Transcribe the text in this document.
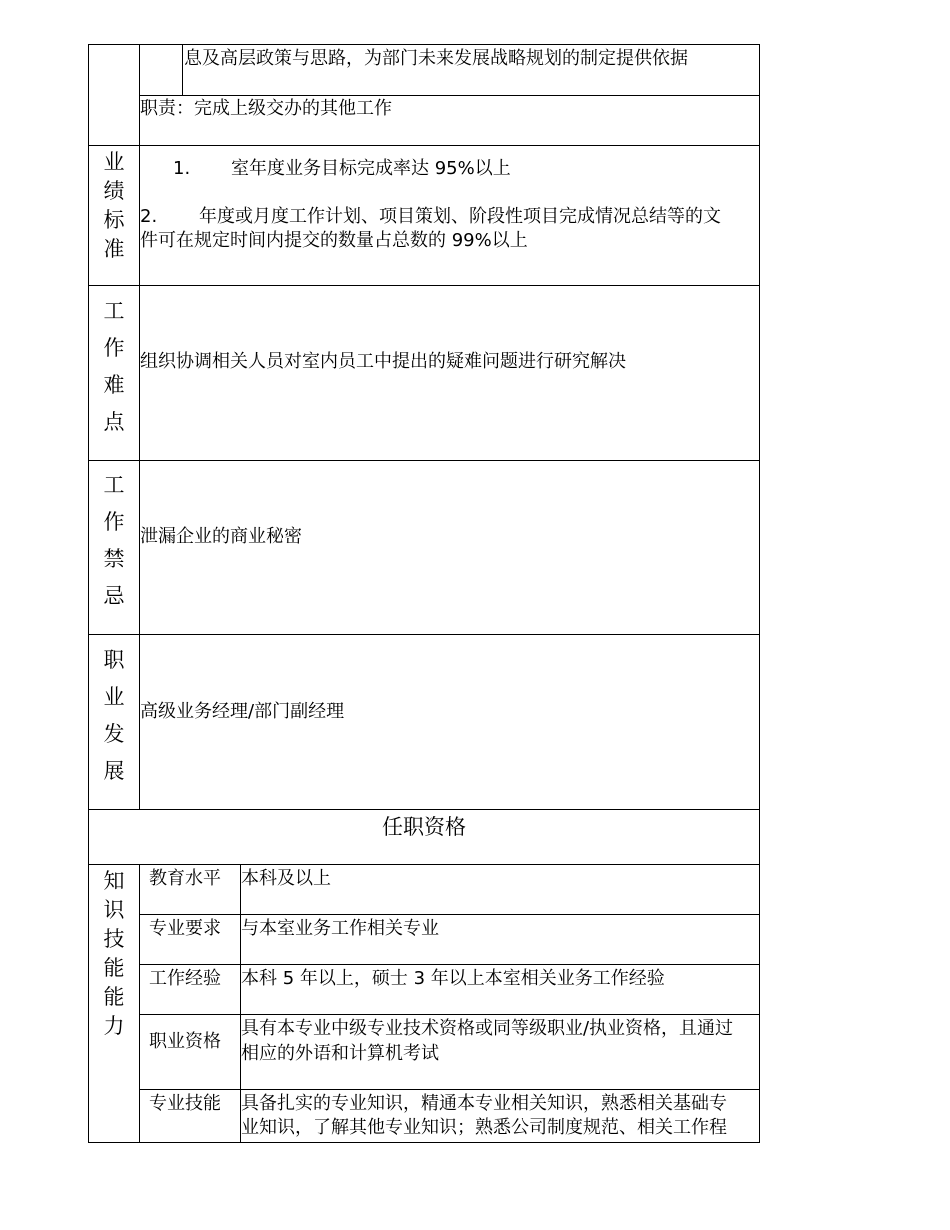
息及高层政策与思路，为部门未来发展战略规划的制定提供依据
职责：完成上级交办的其他工作
业绩标准
1. 室年度业务目标完成率达 95%以上
2. 年度或月度工作计划、项目策划、阶段性项目完成情况总结等的文
件可在规定时间内提交的数量占总数的 99%以上
工作难点
组织协调相关人员对室内员工中提出的疑难问题进行研究解决
工作禁忌
泄漏企业的商业秘密
职业发展
高级业务经理/部门副经理
任职资格
知识技能能力
教育水平 本科及以上
专业要求 与本室业务工作相关专业
工作经验 本科 5 年以上，硕士 3 年以上本室相关业务工作经验
职业资格
具有本专业中级专业技术资格或同等级职业/执业资格，且通过
相应的外语和计算机考试
专业技能 具备扎实的专业知识，精通本专业相关知识，熟悉相关基础专
业知识，了解其他专业知识；熟悉公司制度规范、相关工作程
